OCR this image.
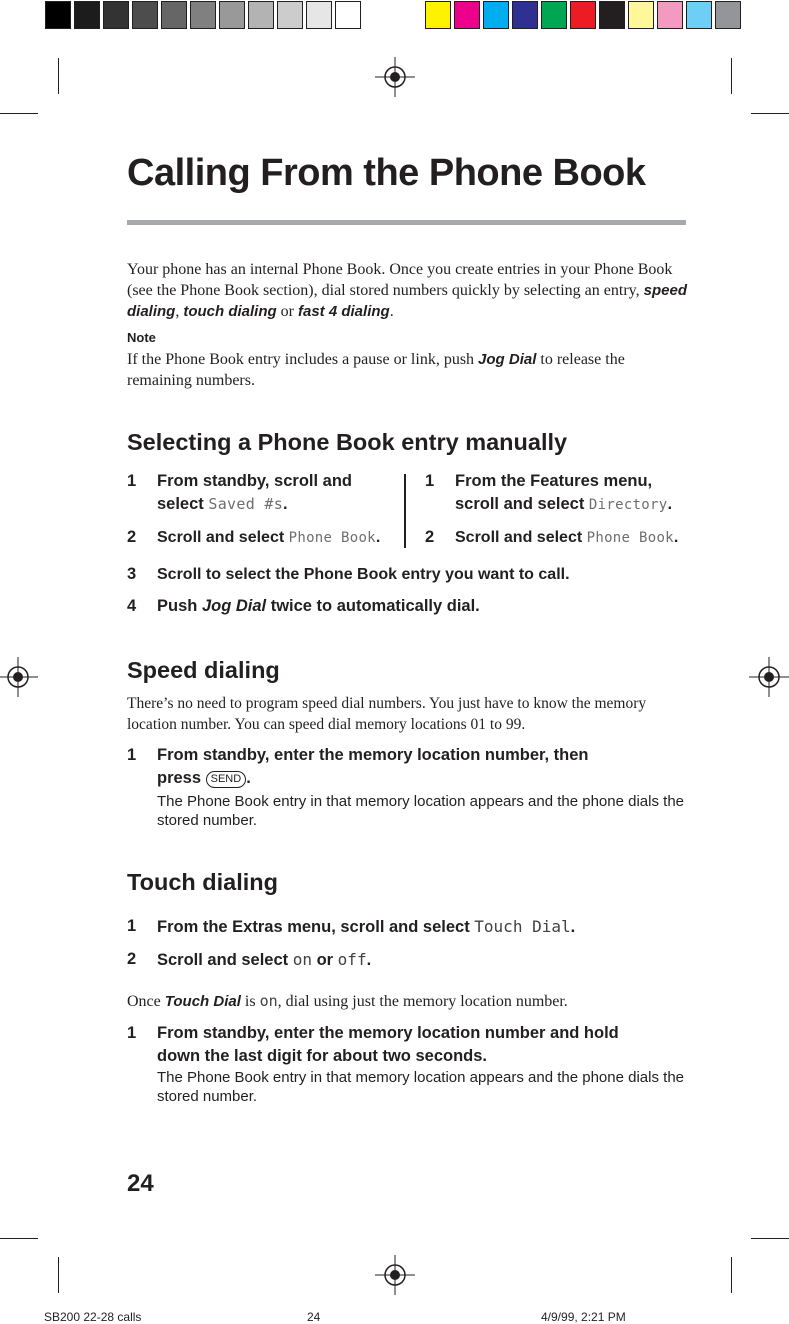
Calling From the Phone Book
Your phone has an internal Phone Book. Once you create entries in your Phone Book (see the Phone Book section), dial stored numbers quickly by selecting an entry, speed dialing, touch dialing or fast 4 dialing.
Note
If the Phone Book entry includes a pause or link, push Jog Dial to release the remaining numbers.
Selecting a Phone Book entry manually
1 From standby, scroll and
select Saved #s.
2 Scroll and select Phone Book.
1 From the Features menu,
scroll and select Directory.
2 Scroll and select Phone Book.
3 Scroll to select the Phone Book entry you want to call.
4 Push Jog Dial twice to automatically dial.
Speed dialing
There’s no need to program speed dial numbers. You just have to know the memory location number. You can speed dial memory locations 01 to 99.
1 From standby, enter the memory location number, then
press SEND .

The Phone Book entry in that memory location appears and the phone dials the stored number.
Touch dialing
1 From the Extras menu, scroll and select Touch Dial.
2 Scroll and select on or off.
Once Touch Dial is on, dial using just the memory location number.
1 From standby, enter the memory location number and hold
down the last digit for about two seconds.

The Phone Book entry in that memory location appears and the phone dials the stored number.
24
SB200 22-28 calls	24	4/9/99, 2:21 PM
